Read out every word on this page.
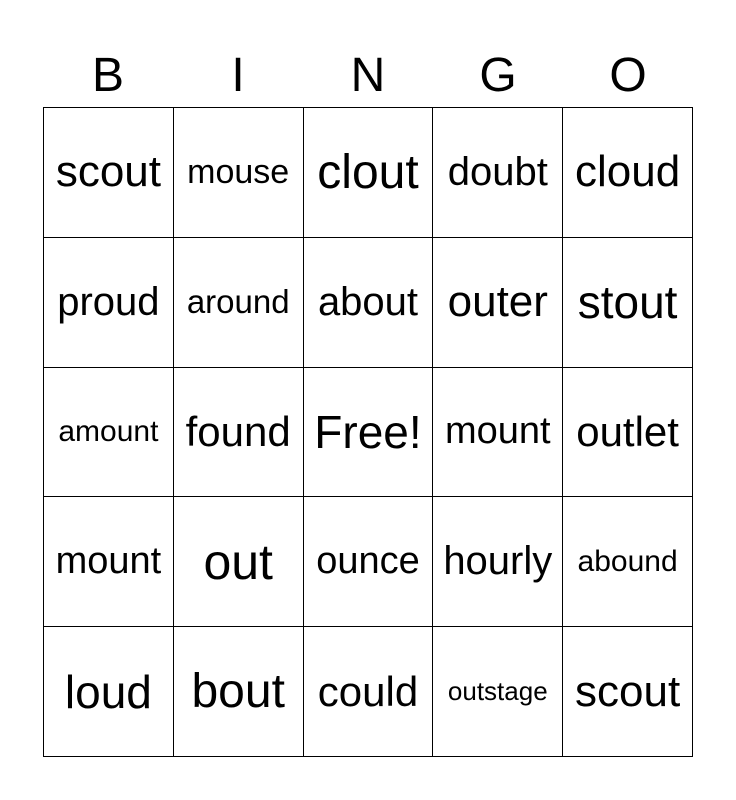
B	I	N	G	O
scout mouse clout doubt cloud
proud around about outer stout
amount found Free! mount outlet
mount out	ounce hourly abound
loud bout could	outstage scout
